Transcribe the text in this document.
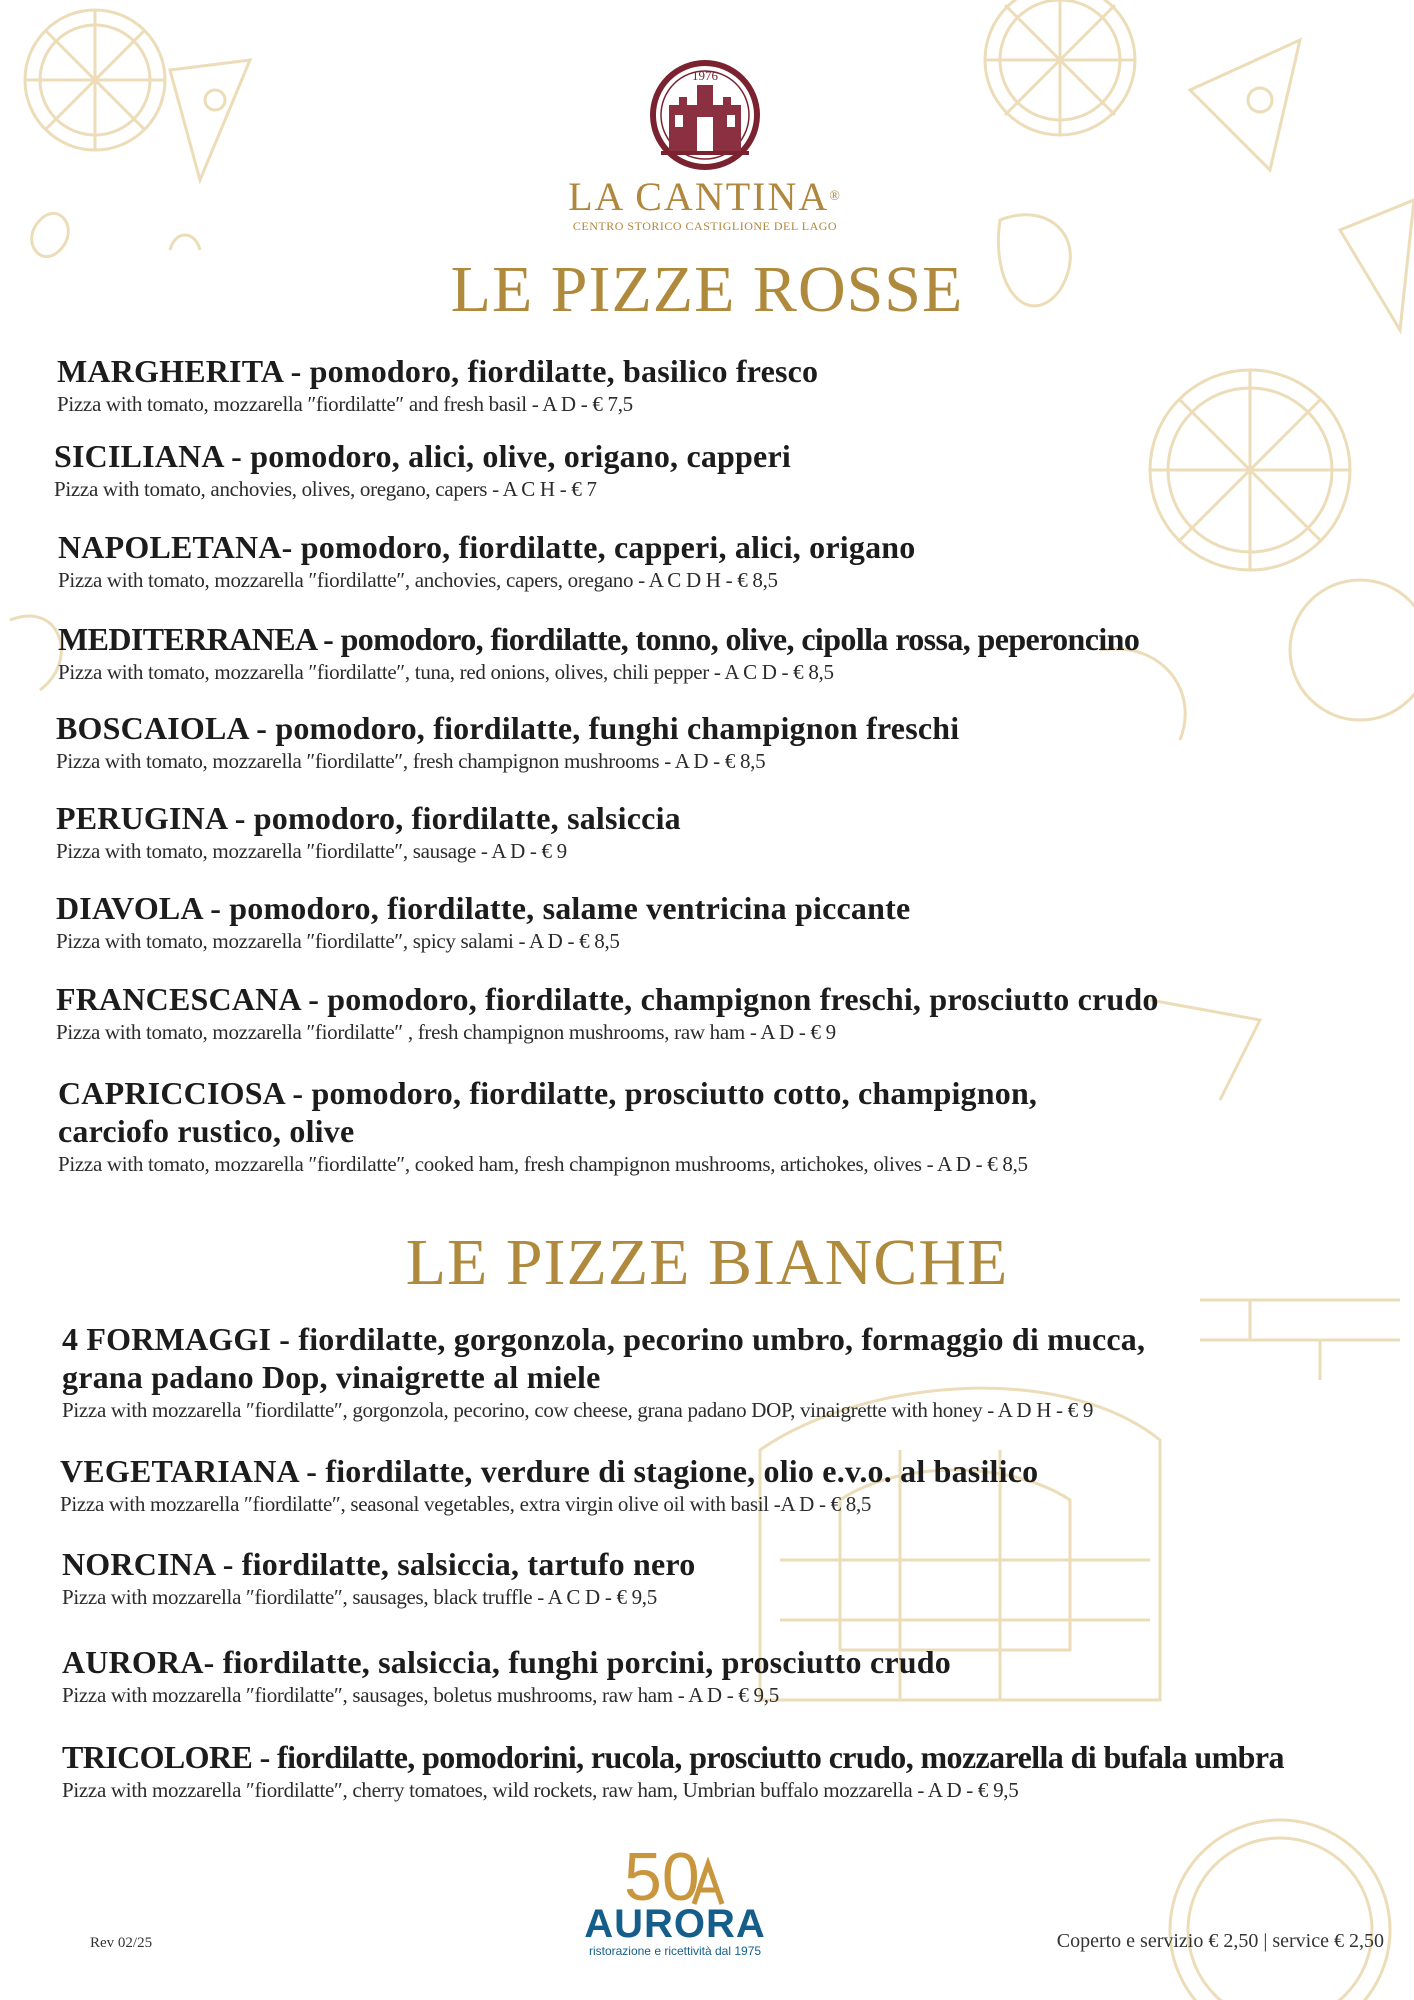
1976
LA CANTINA®
CENTRO STORICO CASTIGLIONE DEL LAGO
LE PIZZE ROSSE
MARGHERITA - pomodoro, fiordilatte, basilico fresco
Pizza with tomato, mozzarella ″fiordilatte″ and fresh basil - A D - € 7,5
SICILIANA - pomodoro, alici, olive, origano, capperi
Pizza with tomato, anchovies, olives, oregano, capers - A C H - € 7
NAPOLETANA- pomodoro, fiordilatte, capperi, alici, origano
Pizza with tomato, mozzarella ″fiordilatte″, anchovies, capers, oregano - A C D H - € 8,5
MEDITERRANEA - pomodoro, fiordilatte, tonno, olive, cipolla rossa, peperoncino
Pizza with tomato, mozzarella ″fiordilatte″, tuna, red onions, olives, chili pepper - A C D - € 8,5
BOSCAIOLA - pomodoro, fiordilatte, funghi champignon freschi
Pizza with tomato, mozzarella ″fiordilatte″, fresh champignon mushrooms - A D - € 8,5
PERUGINA - pomodoro, fiordilatte, salsiccia
Pizza with tomato, mozzarella ″fiordilatte″, sausage - A D - € 9
DIAVOLA - pomodoro, fiordilatte, salame ventricina piccante
Pizza with tomato, mozzarella ″fiordilatte″, spicy salami - A D - € 8,5
FRANCESCANA - pomodoro, fiordilatte, champignon freschi, prosciutto crudo
Pizza with tomato, mozzarella ″fiordilatte″ , fresh champignon mushrooms, raw ham - A D - € 9
CAPRICCIOSA - pomodoro, fiordilatte, prosciutto cotto, champignon,
carciofo rustico, olive
Pizza with tomato, mozzarella ″fiordilatte″, cooked ham, fresh champignon mushrooms, artichokes, olives - A D - € 8,5
LE PIZZE BIANCHE
4 FORMAGGI - fiordilatte, gorgonzola, pecorino umbro, formaggio di mucca,
grana padano Dop, vinaigrette al miele
Pizza with mozzarella ″fiordilatte″, gorgonzola, pecorino, cow cheese, grana padano DOP, vinaigrette with honey - A D H - € 9
VEGETARIANA - fiordilatte, verdure di stagione, olio e.v.o. al basilico
Pizza with mozzarella ″fiordilatte″, seasonal vegetables, extra virgin olive oil with basil -A D - € 8,5
NORCINA - fiordilatte, salsiccia, tartufo nero
Pizza with mozzarella ″fiordilatte″, sausages, black truffle - A C D - € 9,5
AURORA- fiordilatte, salsiccia, funghi porcini, prosciutto crudo
Pizza with mozzarella ″fiordilatte″, sausages, boletus mushrooms, raw ham - A D - € 9,5
TRICOLORE - fiordilatte, pomodorini, rucola, prosciutto crudo, mozzarella di bufala umbra
Pizza with mozzarella ″fiordilatte″, cherry tomatoes, wild rockets, raw ham, Umbrian buffalo mozzarella - A D - € 9,5
Rev 02/25
50
AURORA
ristorazione e ricettività dal 1975	Coperto e servizio € 2,50 | service € 2,50
